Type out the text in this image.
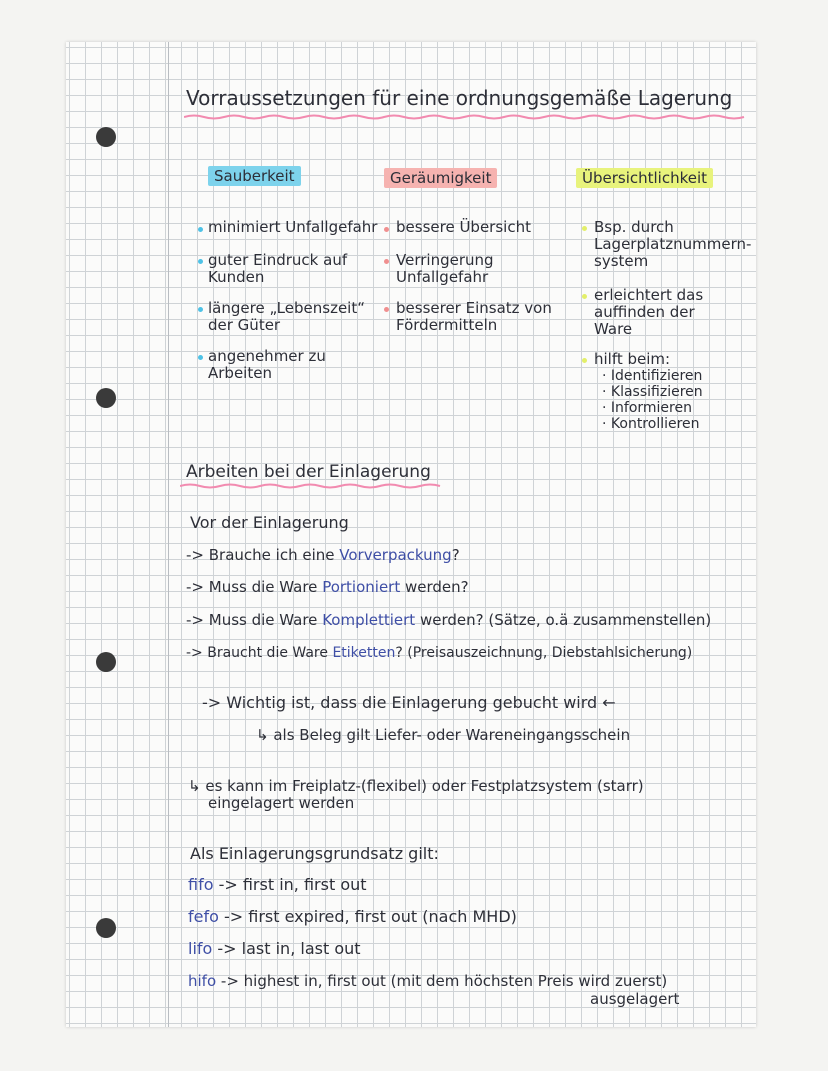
Vorraussetzungen für eine ordnungsgemäße Lagerung
Sauberkeit	Geräumigkeit	Übersichtlichkeit
minimiert Unfallgefahr
guter Eindruck auf Kunden
längere „Lebenszeit“ der Güter
angenehmer zu Arbeiten
bessere Übersicht
Verringerung Unfallgefahr
besserer Einsatz von Fördermitteln
Bsp. durch Lagerplatznummern-system
erleichtert das auffinden der Ware
hilft beim:
· Identifizieren
· Klassifizieren
· Informieren
· Kontrollieren
Arbeiten bei der Einlagerung
Vor der Einlagerung
-> Brauche ich eine Vorverpackung?
-> Muss die Ware Portioniert werden?
-> Muss die Ware Komplettiert werden? (Sätze, o.ä zusammenstellen)
-> Braucht die Ware Etiketten? (Preisauszeichnung, Diebstahlsicherung)
-> Wichtig ist, dass die Einlagerung gebucht wird ←
↳ als Beleg gilt Liefer- oder Wareneingangsschein
↳ es kann im Freiplatz-(flexibel) oder Festplatzsystem (starr)
eingelagert werden
Als Einlagerungsgrundsatz gilt:
fifo -> first in, first out
fefo -> first expired, first out (nach MHD)
lifo -> last in, last out
hifo -> highest in, first out (mit dem höchsten Preis wird zuerst)
ausgelagert
